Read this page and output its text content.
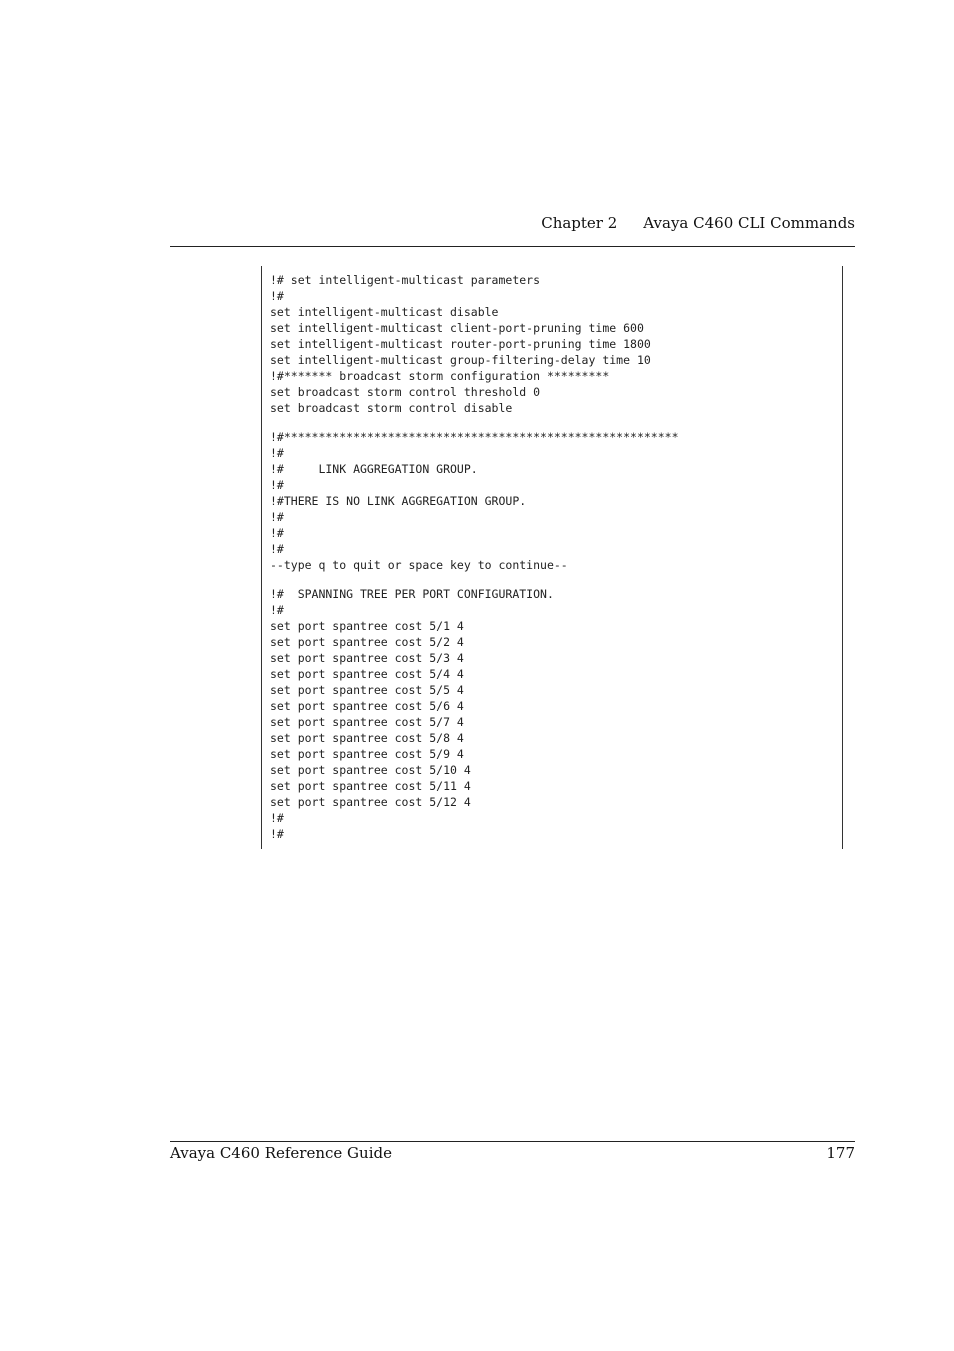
Chapter 2 Avaya C460 CLI Commands
!# set intelligent-multicast parameters
!#
set intelligent-multicast disable
set intelligent-multicast client-port-pruning time 600
set intelligent-multicast router-port-pruning time 1800
set intelligent-multicast group-filtering-delay time 10
!#******* broadcast storm configuration *********
set broadcast storm control threshold 0
set broadcast storm control disable
!#*********************************************************
!#
!#     LINK AGGREGATION GROUP.
!#
!#THERE IS NO LINK AGGREGATION GROUP.
!#
!#
!#
--type q to quit or space key to continue--
!#  SPANNING TREE PER PORT CONFIGURATION.
!#
set port spantree cost 5/1 4
set port spantree cost 5/2 4
set port spantree cost 5/3 4
set port spantree cost 5/4 4
set port spantree cost 5/5 4
set port spantree cost 5/6 4
set port spantree cost 5/7 4
set port spantree cost 5/8 4
set port spantree cost 5/9 4
set port spantree cost 5/10 4
set port spantree cost 5/11 4
set port spantree cost 5/12 4
!#
!#
Avaya C460 Reference Guide	177
